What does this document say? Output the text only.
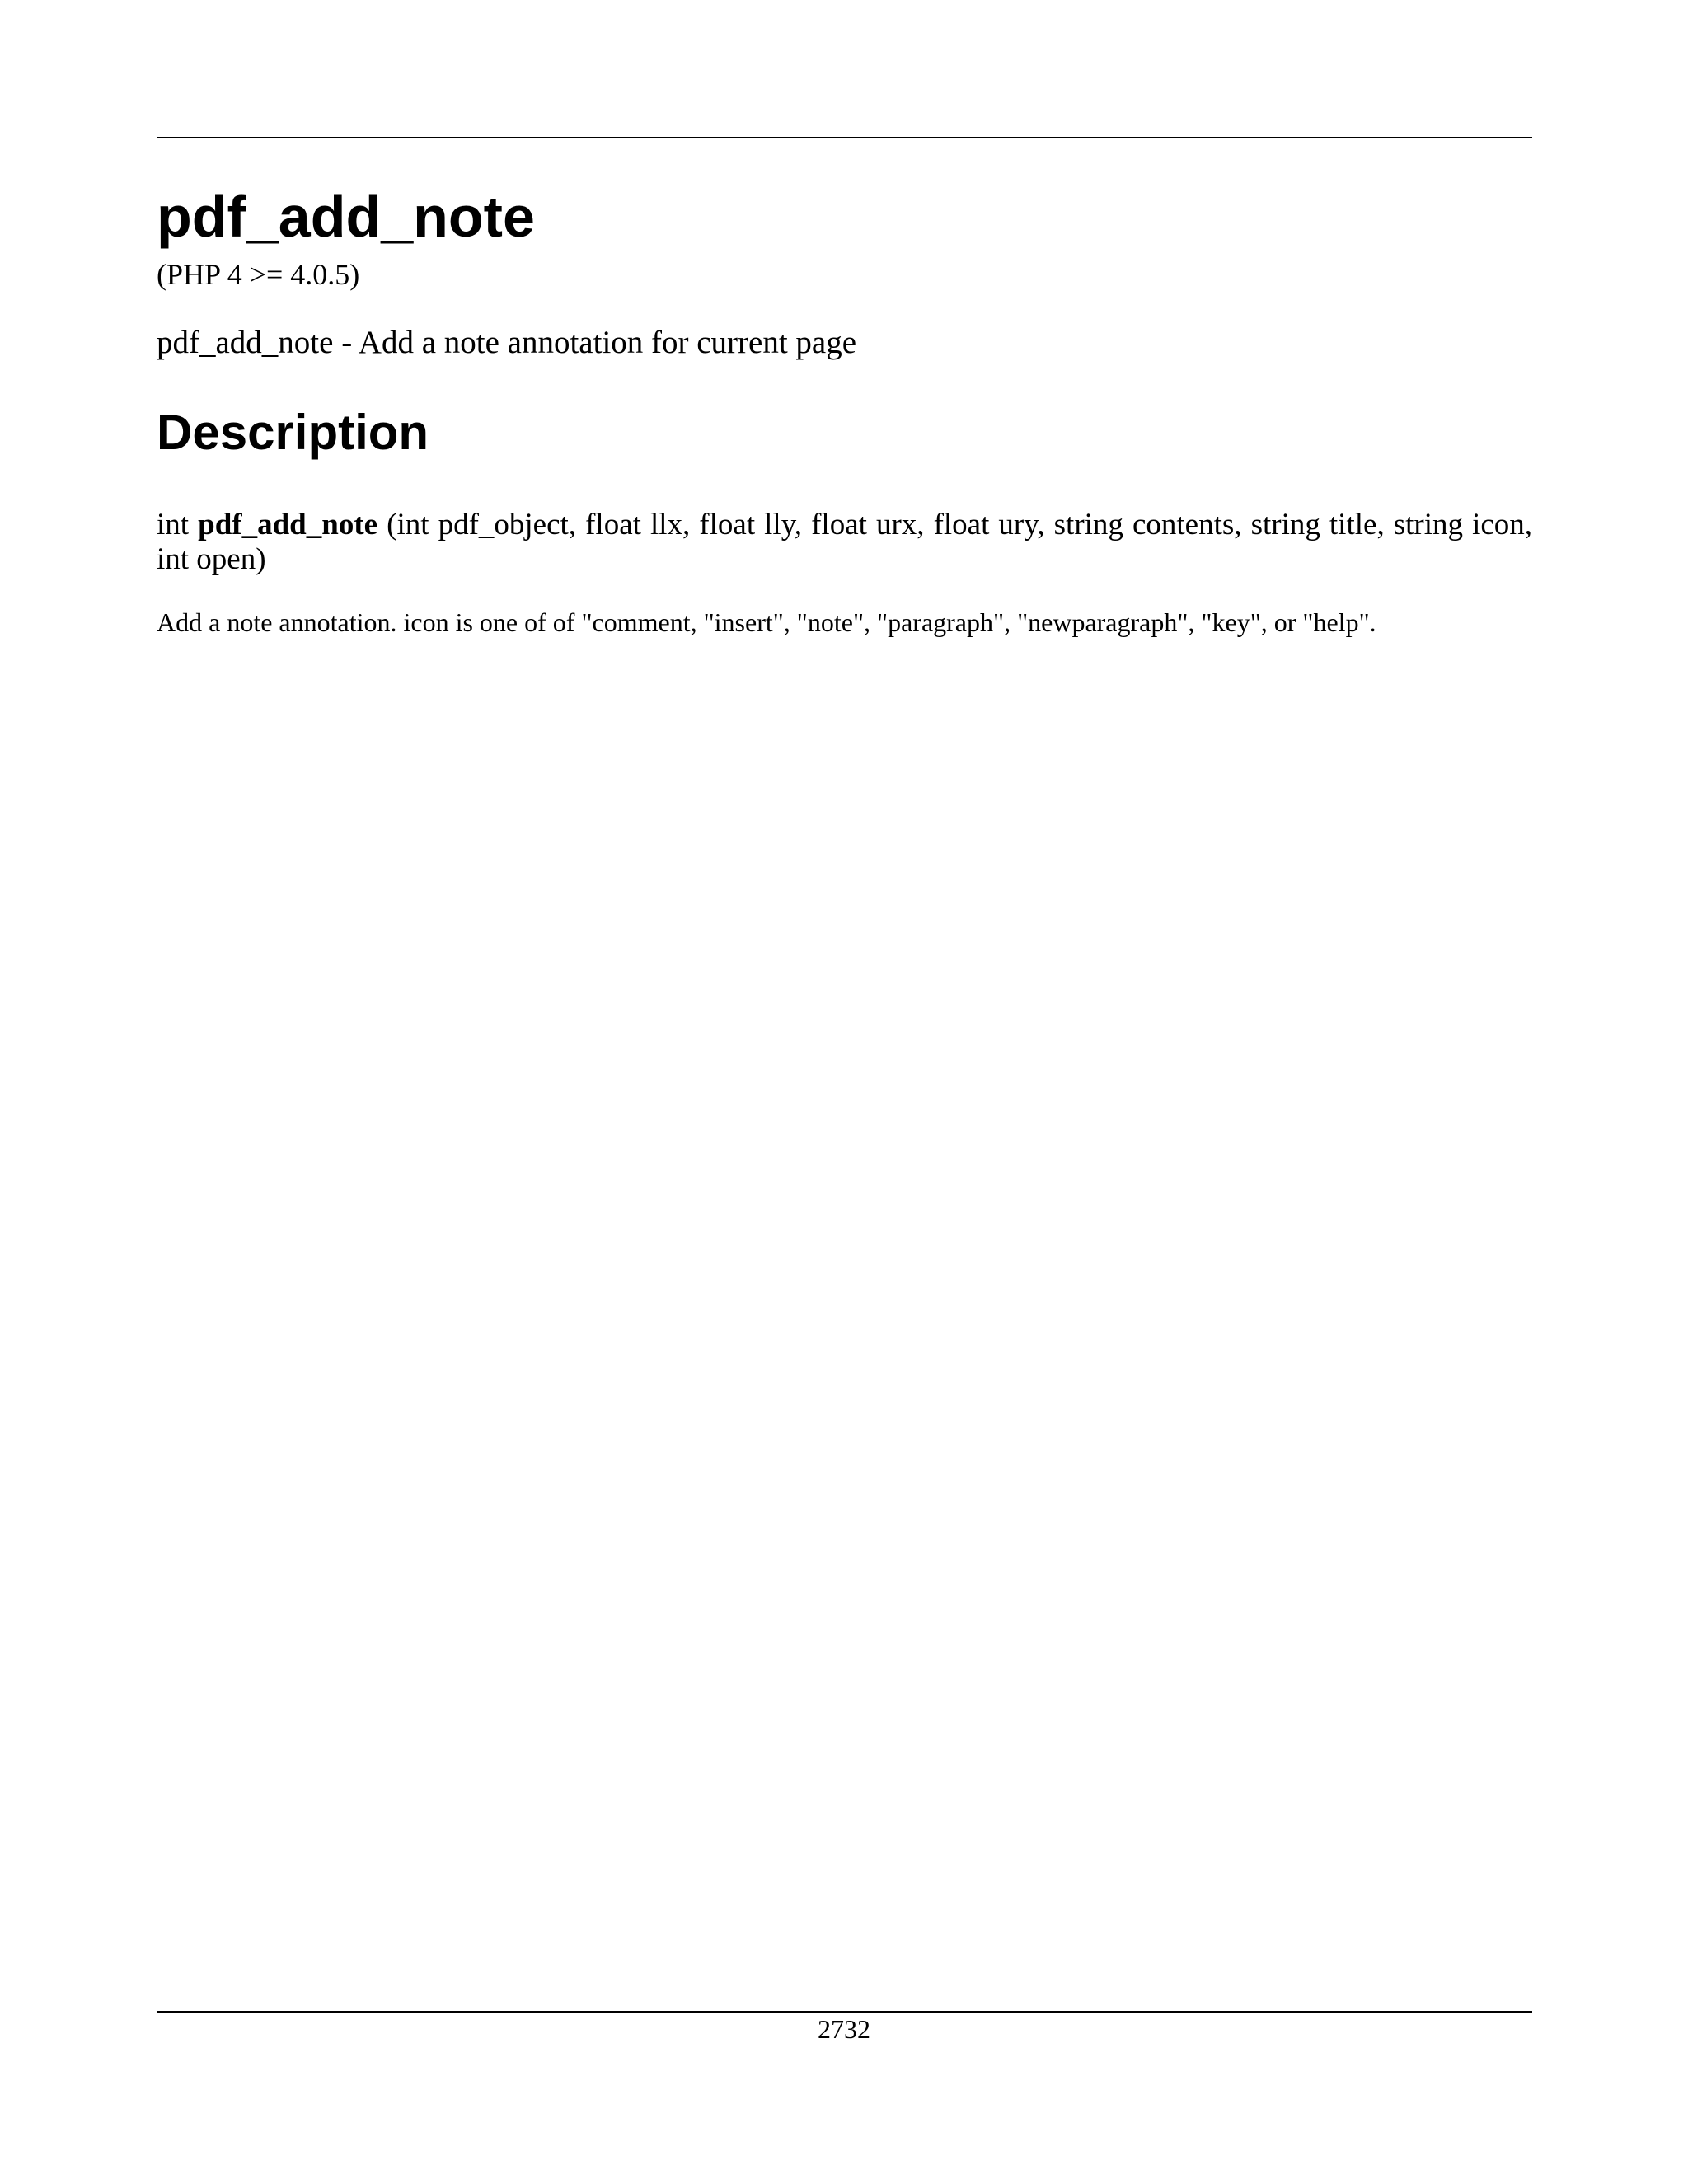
pdf_add_note
(PHP 4 >= 4.0.5)
pdf_add_note - Add a note annotation for current page
Description
int pdf_add_note (int pdf_object, float llx, float lly, float urx, float ury, string contents, string title, string icon, int open)
Add a note annotation. icon is one of of "comment, "insert", "note", "paragraph", "newparagraph", "key", or "help".
2732
